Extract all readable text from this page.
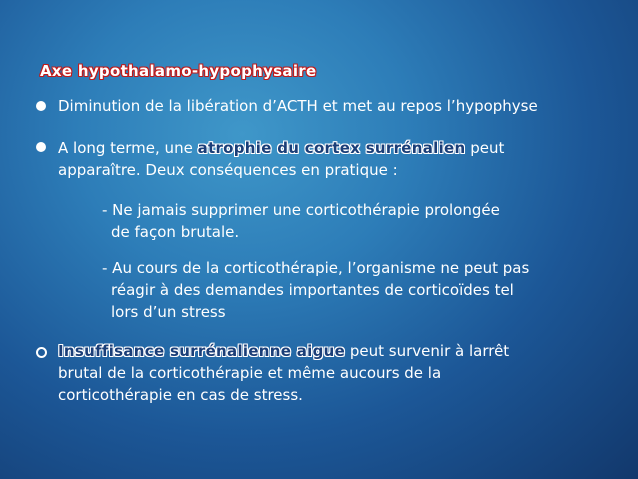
Axe hypothalamo-hypophysaire
Diminution de la libération d’ACTH et met au repos l’hypophyse
A long terme, une atrophie du cortex surrénalien peut
apparaître. Deux conséquences en pratique :
- Ne jamais supprimer une corticothérapie prolongée
de façon brutale.
- Au cours de la corticothérapie, l’organisme ne peut pas
réagir à des demandes importantes de corticoïdes tel
lors d’un stress
Insuffisance surrénalienne aigue peut survenir à larrêt
brutal de la corticothérapie et même aucours de la
corticothérapie en cas de stress.
